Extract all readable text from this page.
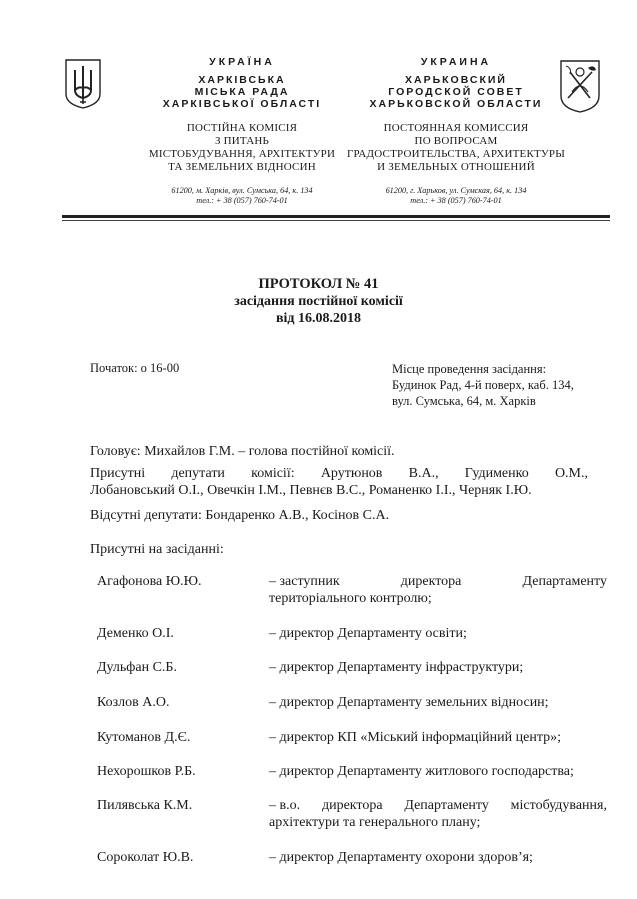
УКРАЇНА
ХАРКІВСЬКА
МІСЬКА РАДА
ХАРКІВСЬКОЇ ОБЛАСТІ
ПОСТІЙНА КОМІСІЯ
З ПИТАНЬ
МІСТОБУДУВАННЯ, АРХІТЕКТУРИ
ТА ЗЕМЕЛЬНИХ ВІДНОСИН
61200, м. Харків, вул. Сумська, 64, к. 134
тел.: + 38 (057) 760-74-01
УКРАИНА
ХАРЬКОВСКИЙ
ГОРОДСКОЙ СОВЕТ
ХАРЬКОВСКОЙ ОБЛАСТИ
ПОСТОЯННАЯ КОМИССИЯ
ПО ВОПРОСАМ
ГРАДОСТРОИТЕЛЬСТВА, АРХИТЕКТУРЫ
И ЗЕМЕЛЬНЫХ ОТНОШЕНИЙ
61200, г. Харьков, ул. Сумская, 64, к. 134
тел.: + 38 (057) 760-74-01
ПРОТОКОЛ № 41
засідання постійної комісії
від 16.08.2018
Початок: о 16-00	Місце проведення засідання:
Будинок Рад, 4-й поверх, каб. 134,
вул. Сумська, 64, м. Харків
Головує: Михайлов Г.М. – голова постійної комісії.
Присутні депутати комісії: Арутюнов В.А., Гудименко О.М.,
Лобановський О.І., Овечкін І.М., Певнєв В.С., Романенко І.І., Черняк І.Ю.
Відсутні депутати: Бондаренко А.В., Косінов С.А.
Присутні на засіданні:
Агафонова Ю.Ю.	– заступник	директора	Департаменту
територіального контролю;
Деменко О.І.	– директор Департаменту освіти;
Дульфан С.Б.	– директор Департаменту інфраструктури;
Козлов А.О.	– директор Департаменту земельних відносин;
Кутоманов Д.Є.	– директор КП «Міський інформаційний центр»;
Нехорошков Р.Б.	– директор Департаменту житлового господарства;
Пилявська К.М.	– в.о. директора Департаменту містобудування,
архітектури та генерального плану;
Сороколат Ю.В.	– директор Департаменту охорони здоров’я;
